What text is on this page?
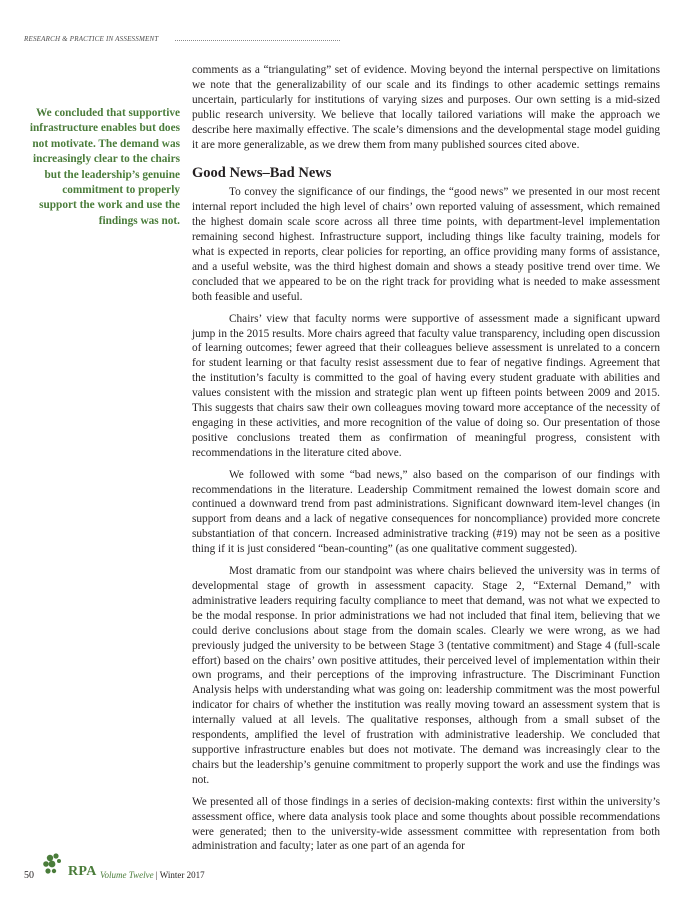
RESEARCH & PRACTICE IN ASSESSMENT
We concluded that supportive infrastructure enables but does not motivate. The demand was increasingly clear to the chairs but the leadership’s genuine commitment to properly support the work and use the findings was not.

comments as a “triangulating” set of evidence. Moving beyond the internal perspective on limitations we note that the generalizability of our scale and its findings to other academic settings remains uncertain, particularly for institutions of varying sizes and purposes. Our own setting is a mid-sized public research university. We believe that locally tailored variations will make the approach we describe here maximally effective. The scale’s dimensions and the developmental stage model guiding it are more generalizable, as we drew them from many published sources cited above.

Good News–Bad News

To convey the significance of our findings, the “good news” we presented in our most recent internal report included the high level of chairs’ own reported valuing of assessment, which remained the highest domain scale score across all three time points, with department-level implementation remaining second highest. Infrastructure support, including things like faculty training, models for what is expected in reports, clear policies for reporting, an office providing many forms of assistance, and a useful website, was the third highest domain and shows a steady positive trend over time. We concluded that we appeared to be on the right track for providing what is needed to make assessment both feasible and useful.

Chairs’ view that faculty norms were supportive of assessment made a significant upward jump in the 2015 results. More chairs agreed that faculty value transparency, including open discussion of learning outcomes; fewer agreed that their colleagues believe assessment is unrelated to a concern for student learning or that faculty resist assessment due to fear of negative findings. Agreement that the institution’s faculty is committed to the goal of having every student graduate with abilities and values consistent with the mission and strategic plan went up fifteen points between 2009 and 2015. This suggests that chairs saw their own colleagues moving toward more acceptance of the necessity of engaging in these activities, and more recognition of the value of doing so. Our presentation of those positive conclusions treated them as confirmation of meaningful progress, consistent with recommendations in the literature cited above.

We followed with some “bad news,” also based on the comparison of our findings with recommendations in the literature. Leadership Commitment remained the lowest domain score and continued a downward trend from past administrations. Significant downward item-level changes (in support from deans and a lack of negative consequences for noncompliance) provided more concrete substantiation of that concern. Increased administrative tracking (#19) may not be seen as a positive thing if it is just considered “bean-counting” (as one qualitative comment suggested).

Most dramatic from our standpoint was where chairs believed the university was in terms of developmental stage of growth in assessment capacity. Stage 2, “External Demand,” with administrative leaders requiring faculty compliance to meet that demand, was not what we expected to be the modal response. In prior administrations we had not included that final item, believing that we could derive conclusions about stage from the domain scales. Clearly we were wrong, as we had previously judged the university to be between Stage 3 (tentative commitment) and Stage 4 (full-scale effort) based on the chairs’ own positive attitudes, their perceived level of implementation within their own programs, and their perceptions of the improving infrastructure. The Discriminant Function Analysis helps with understanding what was going on: leadership commitment was the most powerful indicator for chairs of whether the institution was really moving toward an assessment system that is internally valued at all levels. The qualitative responses, although from a small subset of the respondents, amplified the level of frustration with administrative leadership. We concluded that supportive infrastructure enables but does not motivate. The demand was increasingly clear to the chairs but the leadership’s genuine commitment to properly support the work and use the findings was not.

We presented all of those findings in a series of decision-making contexts: first within the university’s assessment office, where data analysis took place and some thoughts about possible recommendations were generated; then to the university-wide assessment committee with representation from both administration and faculty; later as one part of an agenda for

50 RPA Volume Twelve | Winter 2017
